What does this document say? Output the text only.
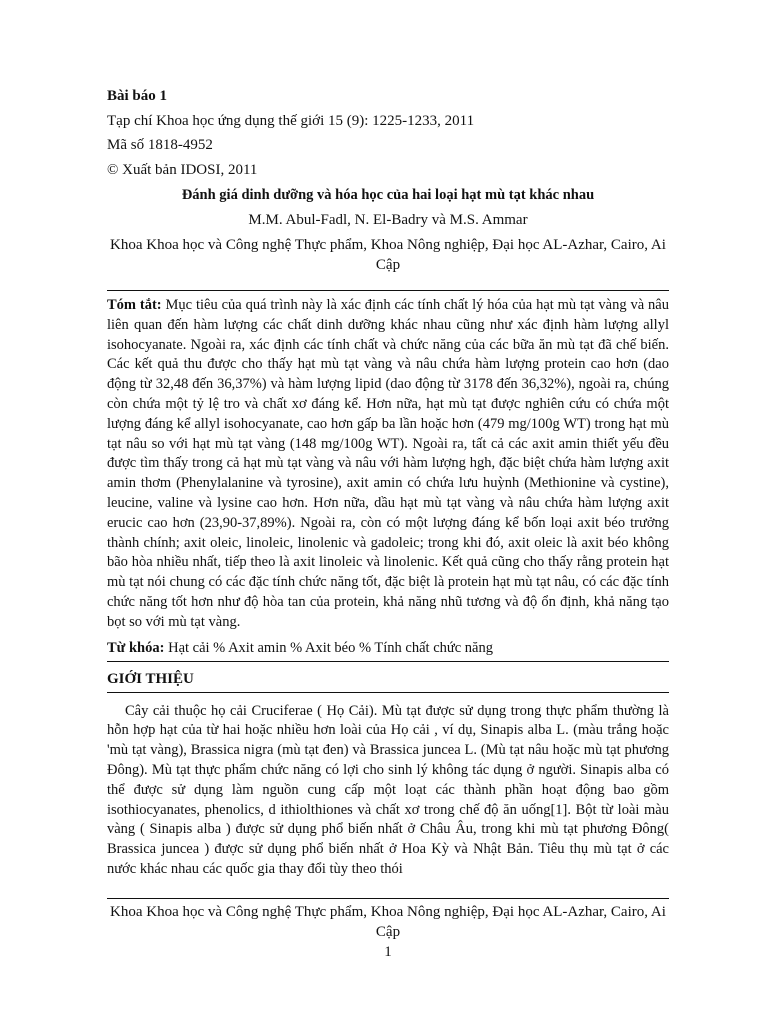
Bài báo 1

Tạp chí Khoa học ứng dụng thế giới 15 (9): 1225-1233, 2011

Mã số 1818-4952

© Xuất bản IDOSI, 2011

Đánh giá dinh dưỡng và hóa học của hai loại hạt mù tạt khác nhau

M.M. Abul-Fadl, N. El-Badry và M.S. Ammar

Khoa Khoa học và Công nghệ Thực phẩm, Khoa Nông nghiệp, Đại học AL-Azhar, Cairo, Ai Cập

Tóm tắt: Mục tiêu của quá trình này là xác định các tính chất lý hóa của hạt mù tạt vàng và nâu liên quan đến hàm lượng các chất dinh dưỡng khác nhau cũng như xác định hàm lượng allyl isohocyanate. Ngoài ra, xác định các tính chất và chức năng của các bữa ăn mù tạt đã chế biến. Các kết quả thu được cho thấy hạt mù tạt vàng và nâu chứa hàm lượng protein cao hơn (dao động từ 32,48 đến 36,37%) và hàm lượng lipid (dao động từ 3178 đến 36,32%), ngoài ra, chúng còn chứa một tỷ lệ tro và chất xơ đáng kể. Hơn nữa, hạt mù tạt được nghiên cứu có chứa một lượng đáng kể allyl isohocyanate, cao hơn gấp ba lần hoặc hơn (479 mg/100g WT) trong hạt mù tạt nâu so với hạt mù tạt vàng (148 mg/100g WT). Ngoài ra, tất cả các axit amin thiết yếu đều được tìm thấy trong cả hạt mù tạt vàng và nâu với hàm lượng hgh, đặc biệt chứa hàm lượng axit amin thơm (Phenylalanine và tyrosine), axit amin có chứa lưu huỳnh (Methionine và cystine), leucine, valine và lysine cao hơn. Hơn nữa, dầu hạt mù tạt vàng và nâu chứa hàm lượng axit erucic cao hơn (23,90-37,89%). Ngoài ra, còn có một lượng đáng kể bốn loại axit béo trưởng thành chính; axit oleic, linoleic, linolenic và gadoleic; trong khi đó, axit oleic là axit béo không bão hòa nhiều nhất, tiếp theo là axit linoleic và linolenic. Kết quả cũng cho thấy rằng protein hạt mù tạt nói chung có các đặc tính chức năng tốt, đặc biệt là protein hạt mù tạt nâu, có các đặc tính chức năng tốt hơn như độ hòa tan của protein, khả năng nhũ tương và độ ổn định, khả năng tạo bọt so với mù tạt vàng.

Từ khóa: Hạt cải % Axit amin % Axit béo % Tính chất chức năng

GIỚI THIỆU

Cây cải thuộc họ cải Cruciferae ( Họ Cải). Mù tạt được sử dụng trong thực phẩm thường là hỗn hợp hạt của từ hai hoặc nhiều hơn loài của Họ cải , ví dụ, Sinapis alba L. (màu trắng hoặc 'mù tạt vàng), Brassica nigra (mù tạt đen) và Brassica juncea L. (Mù tạt nâu hoặc mù tạt phương Đông). Mù tạt thực phẩm chức năng có lợi cho sinh lý không tác dụng ở người. Sinapis alba có thể được sử dụng làm nguồn cung cấp một loạt các thành phần hoạt động bao gồm isothiocyanates, phenolics, d ithiolthiones và chất xơ trong chế độ ăn uống[1]. Bột từ loài màu vàng ( Sinapis alba ) được sử dụng phổ biến nhất ở Châu Âu, trong khi mù tạt phương Đông( Brassica juncea ) được sử dụng phổ biến nhất ở Hoa Kỳ và Nhật Bản. Tiêu thụ mù tạt ở các nước khác nhau các quốc gia thay đổi tùy theo thói

Khoa Khoa học và Công nghệ Thực phẩm, Khoa Nông nghiệp, Đại học AL-Azhar, Cairo, Ai Cập

1
